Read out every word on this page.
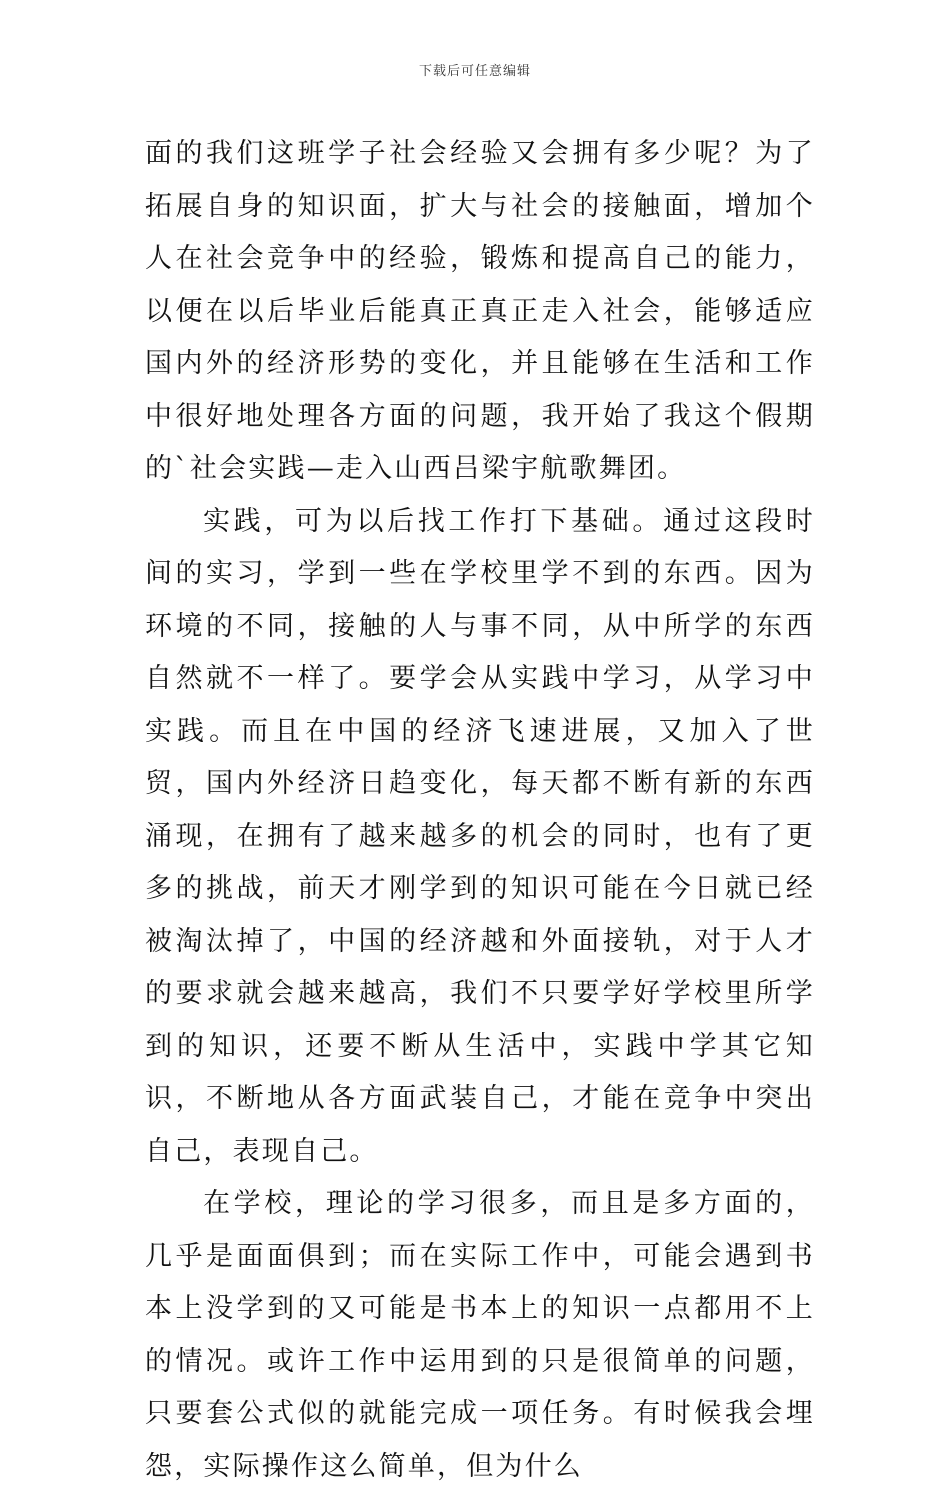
下载后可任意编辑

面的我们这班学子社会经验又会拥有多少呢？为了拓展自身的知识面，扩大与社会的接触面，增加个人在社会竞争中的经验，锻炼和提高自己的能力，以便在以后毕业后能真正真正走入社会，能够适应国内外的经济形势的变化，并且能够在生活和工作中很好地处理各方面的问题，我开始了我这个假期的`社会实践—走入山西吕梁宇航歌舞团。

实践，可为以后找工作打下基础。通过这段时间的实习，学到一些在学校里学不到的东西。因为环境的不同，接触的人与事不同，从中所学的东西自然就不一样了。要学会从实践中学习，从学习中实践。而且在中国的经济飞速进展，又加入了世贸，国内外经济日趋变化，每天都不断有新的东西涌现，在拥有了越来越多的机会的同时，也有了更多的挑战，前天才刚学到的知识可能在今日就已经被淘汰掉了，中国的经济越和外面接轨，对于人才的要求就会越来越高，我们不只要学好学校里所学到的知识，还要不断从生活中，实践中学其它知识，不断地从各方面武装自己，才能在竞争中突出自己，表现自己。

在学校，理论的学习很多，而且是多方面的，几乎是面面俱到；而在实际工作中，可能会遇到书本上没学到的又可能是书本上的知识一点都用不上的情况。或许工作中运用到的只是很简单的问题，只要套公式似的就能完成一项任务。有时候我会埋怨，实际操作这么简单，但为什么
